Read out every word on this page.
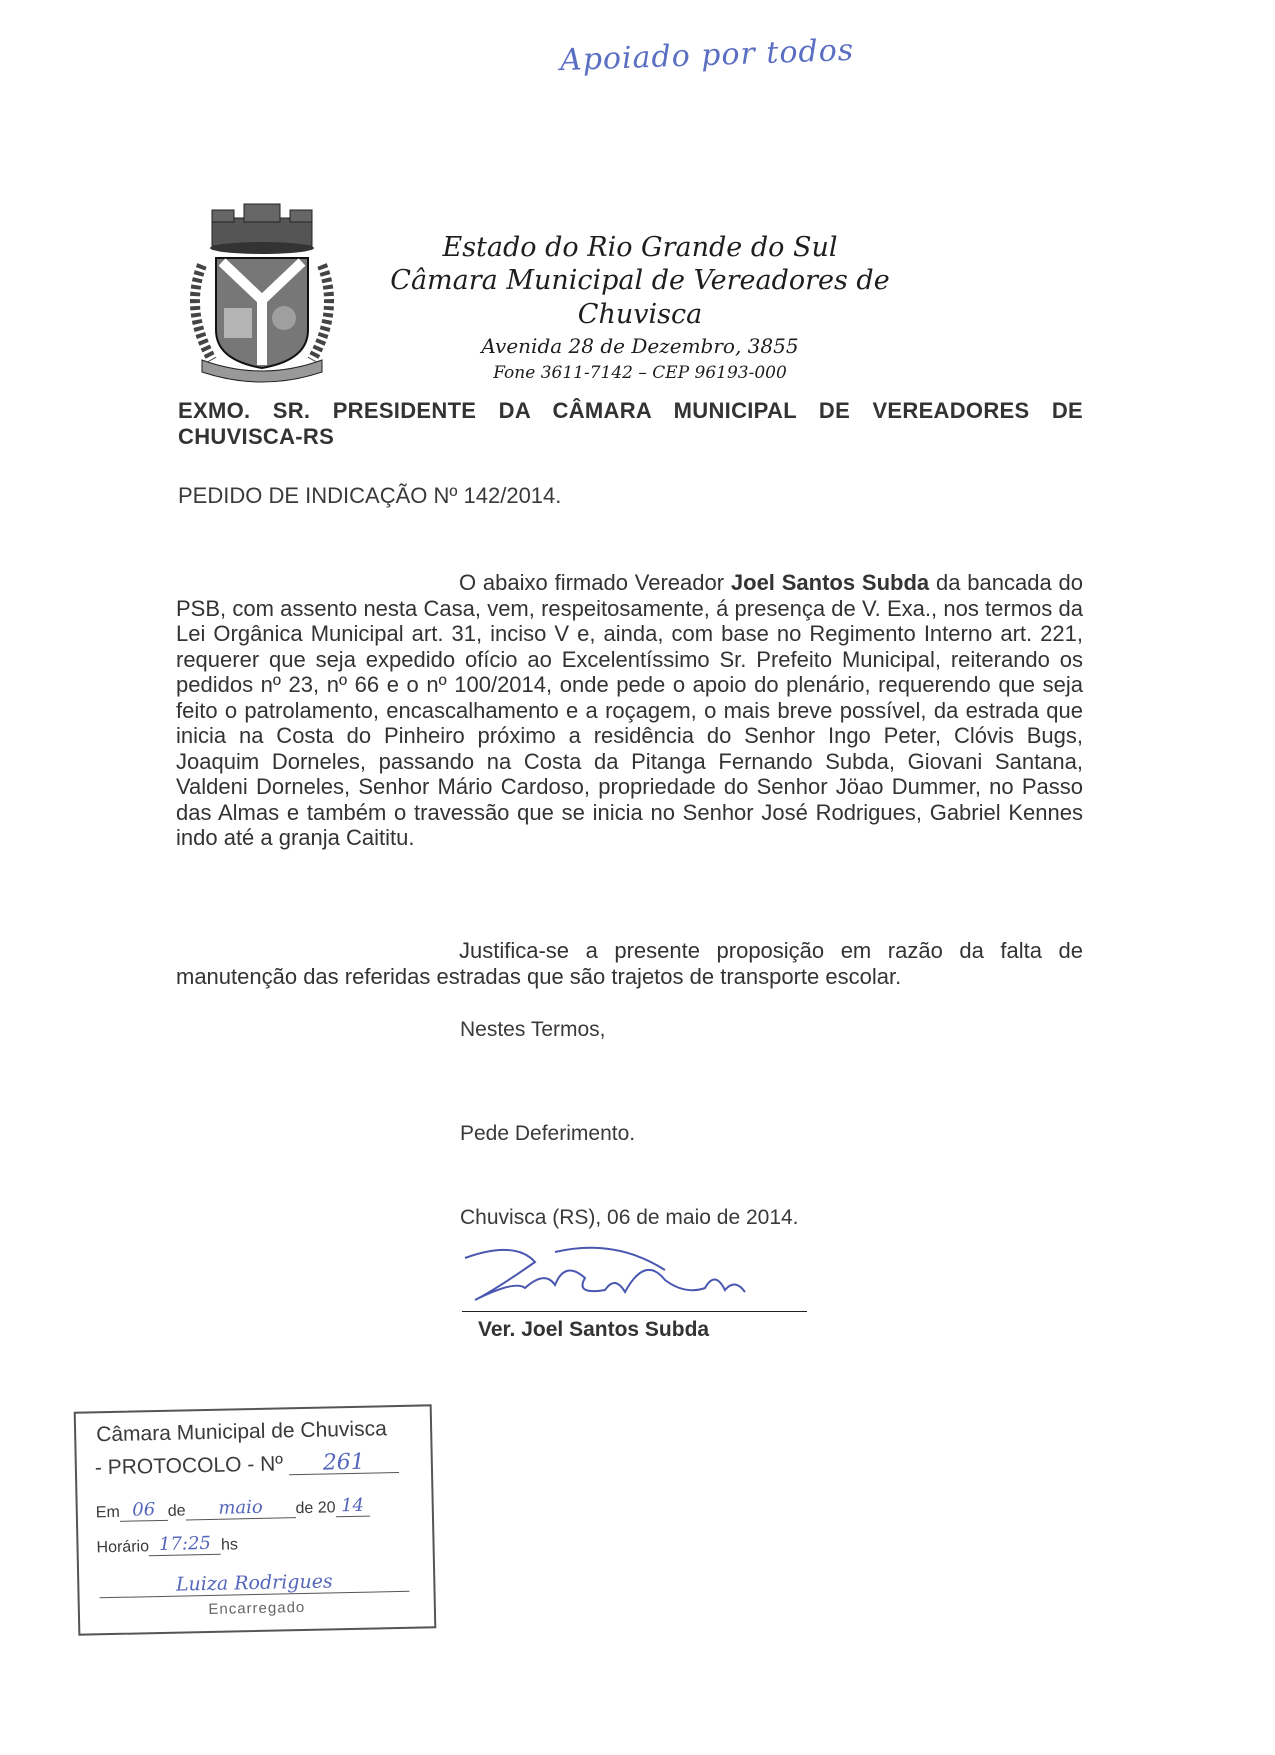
Apoiado por todos
Estado do Rio Grande do Sul
Câmara Municipal de Vereadores de Chuvisca
Avenida 28 de Dezembro, 3855
Fone 3611-7142 – CEP 96193-000
EXMO. SR. PRESIDENTE DA CÂMARA MUNICIPAL DE VEREADORES DE CHUVISCA-RS
PEDIDO DE INDICAÇÃO Nº 142/2014.
O abaixo firmado Vereador Joel Santos Subda da bancada do PSB, com assento nesta Casa, vem, respeitosamente, á presença de V. Exa., nos termos da Lei Orgânica Municipal art. 31, inciso V e, ainda, com base no Regimento Interno art. 221, requerer que seja expedido ofício ao Excelentíssimo Sr. Prefeito Municipal, reiterando os pedidos nº 23, nº 66 e o nº 100/2014, onde pede o apoio do plenário, requerendo que seja feito o patrolamento, encascalhamento e a roçagem, o mais breve possível, da estrada que inicia na Costa do Pinheiro próximo a residência do Senhor Ingo Peter, Clóvis Bugs, Joaquim Dorneles, passando na Costa da Pitanga Fernando Subda, Giovani Santana, Valdeni Dorneles, Senhor Mário Cardoso, propriedade do Senhor Jöao Dummer, no Passo das Almas e também o travessão que se inicia no Senhor José Rodrigues, Gabriel Kennes indo até a granja Caititu.
Justifica-se a presente proposição em razão da falta de manutenção das referidas estradas que são trajetos de transporte escolar.
Nestes Termos,
Pede Deferimento.
Chuvisca (RS), 06 de maio de 2014.
Ver. Joel Santos Subda
Câmara Municipal de Chuvisca
- PROTOCOLO - Nº 261
Em 06 de	maio	de 20 14
Horário 17:25 hs
Luiza Rodrigues
Encarregado
